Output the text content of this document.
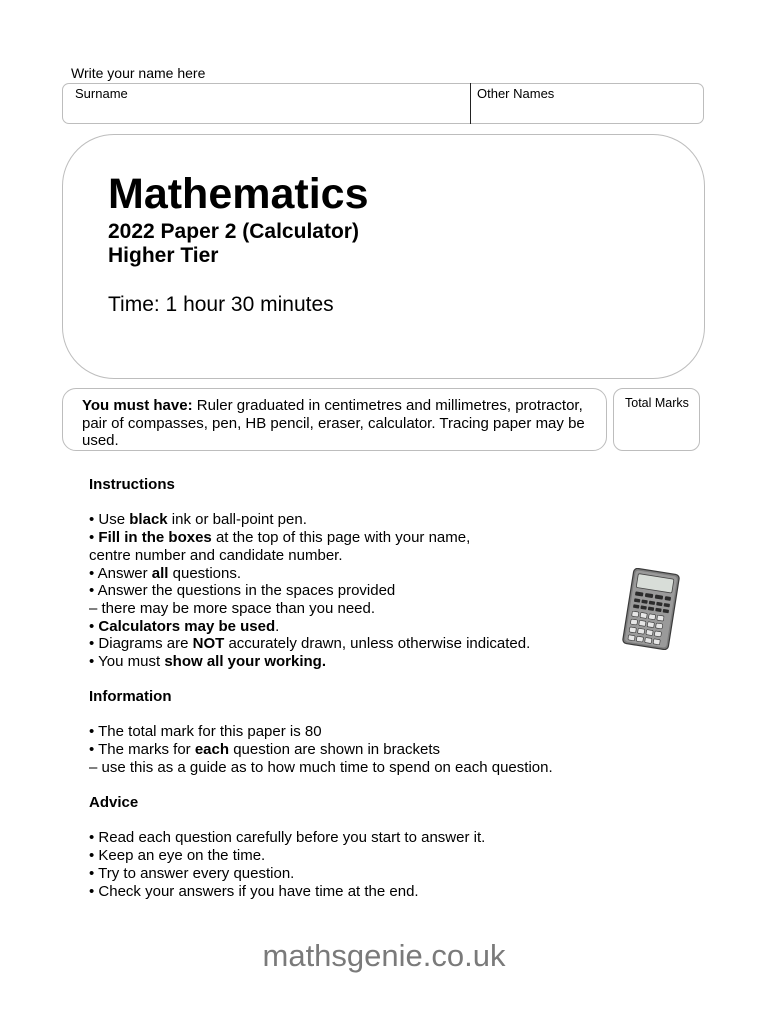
Write your name here
Surname	Other Names
Mathematics
2022 Paper 2 (Calculator)
Higher Tier
Time: 1 hour 30 minutes
You must have: Ruler graduated in centimetres and millimetres, protractor, pair of compasses, pen, HB pencil, eraser, calculator. Tracing paper may be used.
Total Marks
Instructions
• Use black ink or ball-point pen.
• Fill in the boxes at the top of this page with your name,
centre number and candidate number.
• Answer all questions.
• Answer the questions in the spaces provided
– there may be more space than you need.
• Calculators may be used.
• Diagrams are NOT accurately drawn, unless otherwise indicated.
• You must show all your working.
Information
• The total mark for this paper is 80
• The marks for each question are shown in brackets
– use this as a guide as to how much time to spend on each question.
Advice
• Read each question carefully before you start to answer it.
• Keep an eye on the time.
• Try to answer every question.
• Check your answers if you have time at the end.
mathsgenie.co.uk
